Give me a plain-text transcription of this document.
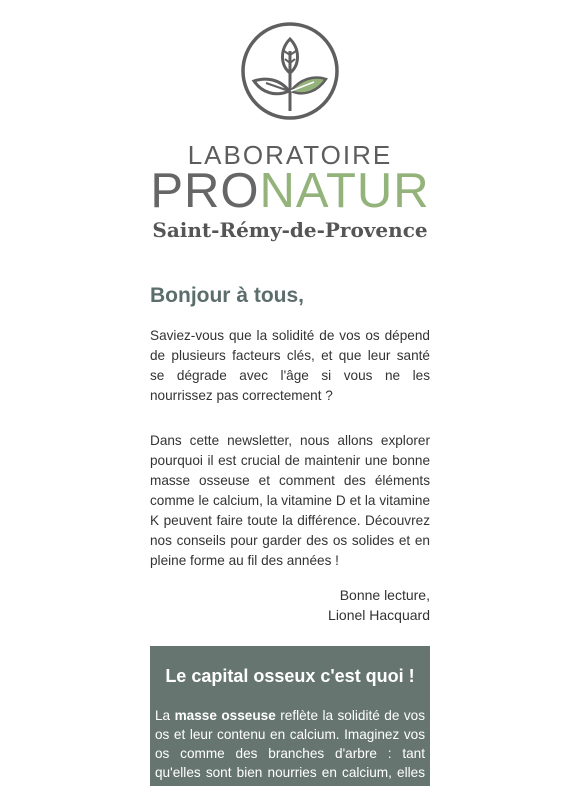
LABORATOIRE
PRONATUR
Saint-Rémy-de-Provence
Bonjour à tous,

Saviez-vous que la solidité de vos os dépend de plusieurs facteurs clés, et que leur santé se dégrade avec l'âge si vous ne les nourrissez pas correctement ?

Dans cette newsletter, nous allons explorer pourquoi il est crucial de maintenir une bonne masse osseuse et comment des éléments comme le calcium, la vitamine D et la vitamine K peuvent faire toute la différence. Découvrez nos conseils pour garder des os solides et en pleine forme au fil des années !

Bonne lecture,
Lionel Hacquard
Le capital osseux c'est quoi !

La masse osseuse reflète la solidité de vos os et leur contenu en calcium. Imaginez vos os comme des branches d'arbre : tant qu'elles sont bien nourries en calcium, elles restent solides.
